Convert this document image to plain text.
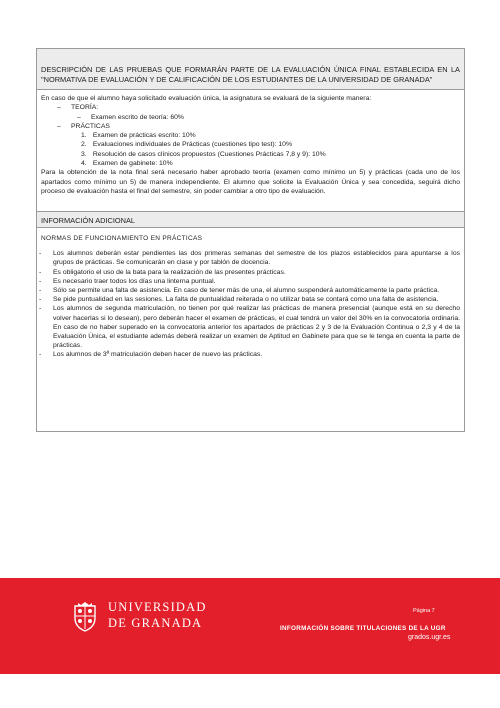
DESCRIPCIÓN DE LAS PRUEBAS QUE FORMARÁN PARTE DE LA EVALUACIÓN ÚNICA FINAL ESTABLECIDA EN LA "NORMATIVA DE EVALUACIÓN Y DE CALIFICACIÓN DE LOS ESTUDIANTES DE LA UNIVERSIDAD DE GRANADA"
En caso de que el alumno haya solicitado evaluación única, la asignatura se evaluará de la siguiente manera:
– TEORÍA:
– Examen escrito de teoría: 60%
– PRÁCTICAS
1. Examen de prácticas escrito: 10%
2. Evaluaciones individuales de Prácticas (cuestiones tipo test): 10%
3. Resolución de casos clínicos propuestos (Cuestiones Prácticas 7,8 y 9): 10%
4. Examen de gabinete: 10%
Para la obtención de la nota final será necesario haber aprobado teoría (examen como mínimo un 5) y prácticas (cada uno de los apartados como mínimo un 5) de manera independiente. El alumno que solicite la Evaluación Única y sea concedida, seguirá dicho proceso de evaluación hasta el final del semestre, sin poder cambiar a otro tipo de evaluación.
INFORMACIÓN ADICIONAL
NORMAS DE FUNCIONAMIENTO EN PRÁCTICAS
-	Los alumnos deberán estar pendientes las dos primeras semanas del semestre de los plazos establecidos para apuntarse a los grupos de prácticas. Se comunicarán en clase y por tablón de docencia.
-	Es obligatorio el uso de la bata para la realización de las presentes prácticas.
-	Es necesario traer todos los días una linterna puntual.
-	Sólo se permite una falta de asistencia. En caso de tener más de una, el alumno suspenderá automáticamente la parte práctica.
-	Se pide puntualidad en las sesiones. La falta de puntualidad reiterada o no utilizar bata se contará como una falta de asistencia.
-	Los alumnos de segunda matriculación, no tienen por qué realizar las prácticas de manera presencial (aunque está en su derecho volver hacerlas si lo desean), pero deberán hacer el examen de prácticas, el cual tendrá un valor del 30% en la convocatoria ordinaria. En caso de no haber superado en la convocatoria anterior los apartados de prácticas 2 y 3 de la Evaluación Continua o 2,3 y 4 de la Evaluación Única, el estudiante además deberá realizar un examen de Aptitud en Gabinete para que se le tenga en cuenta la parte de prácticas.
-	Los alumnos de 3ª matriculación deben hacer de nuevo las prácticas.
UNIVERSIDAD
DE GRANADA
Página 7
INFORMACIÓN SOBRE TITULACIONES DE LA UGR
grados.ugr.es
